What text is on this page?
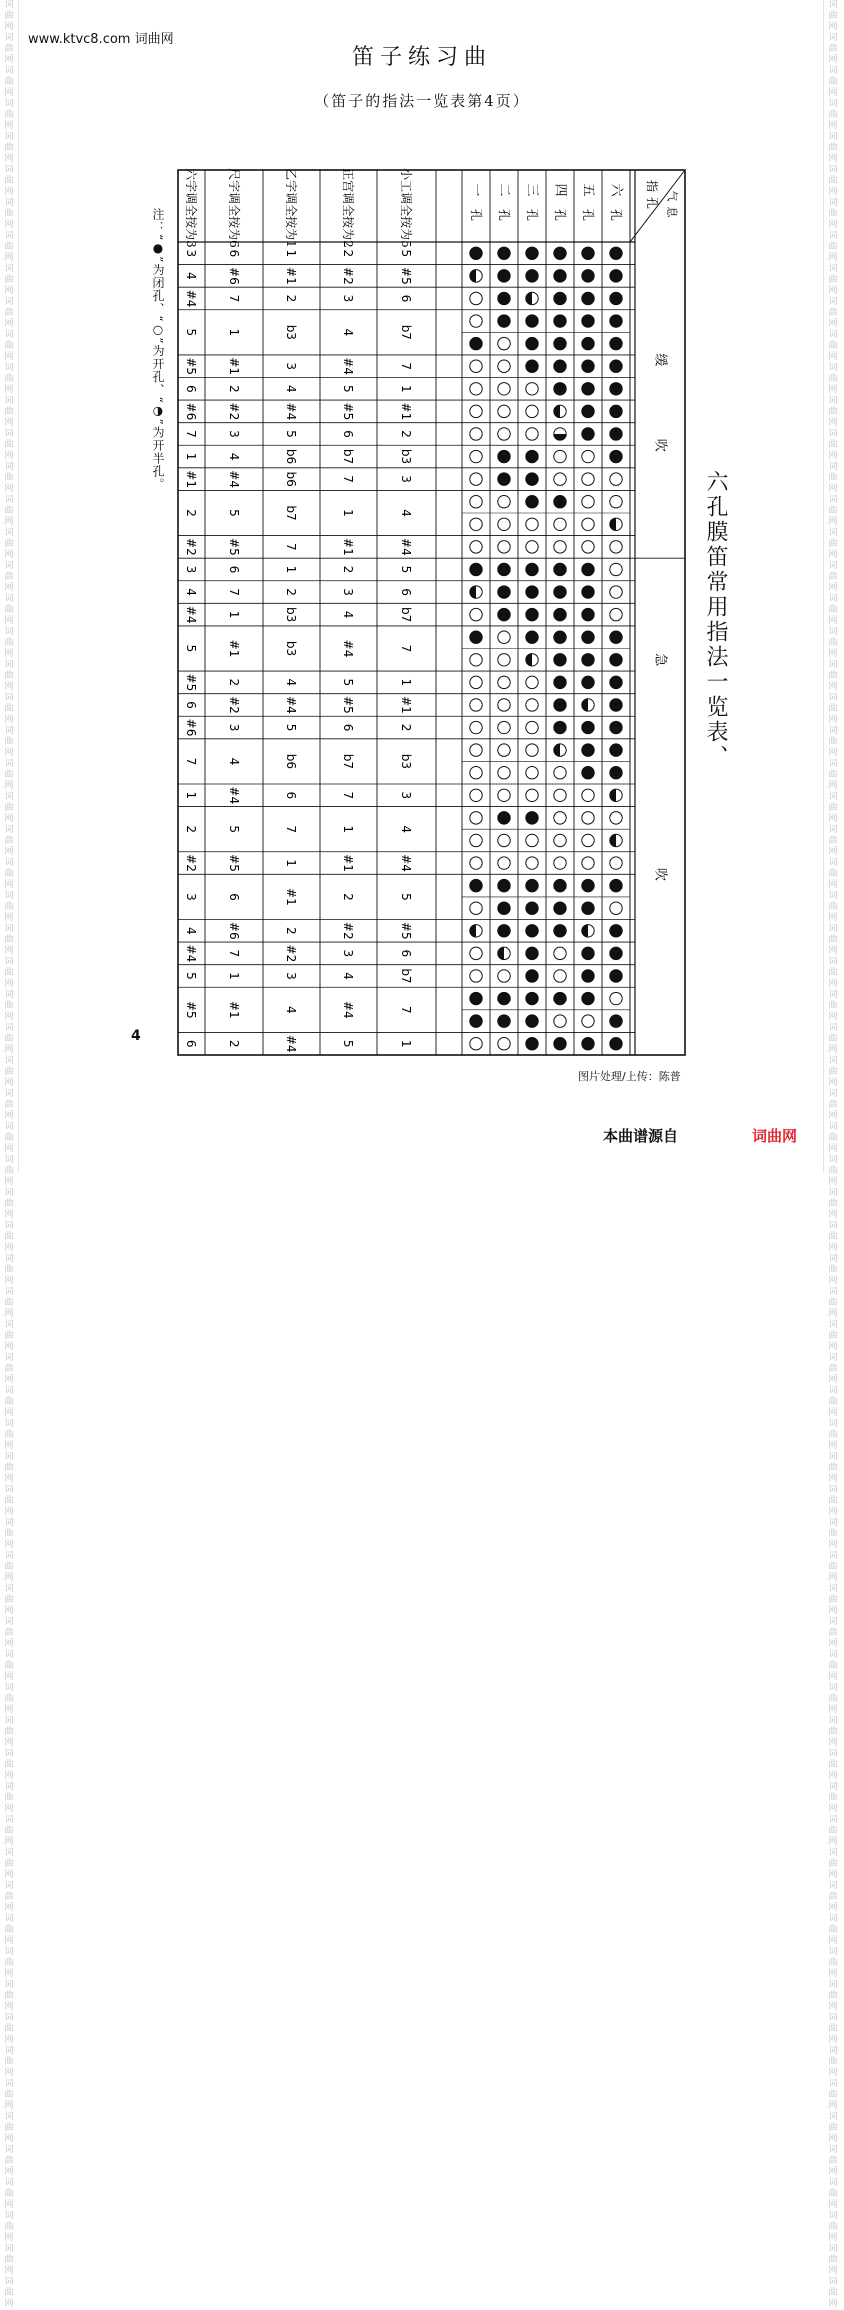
词曲网词曲网词曲网词曲网词曲网词曲网词曲网词曲网词曲网词曲网词曲网词曲网词曲网词曲网词曲网词曲网词曲网词曲网词曲网词曲网词曲网词曲网词曲网词曲网词曲网词曲网词曲网词曲网词曲网词曲网词曲网词曲网词曲网词曲网词曲网词曲网词曲网词曲网词曲网词曲网词曲网词曲网词曲网词曲网词曲网词曲网词曲网词曲网词曲网词曲网词曲网词曲网词曲网词曲网词曲网词曲网词曲网词曲网词曲网词曲网词曲网词曲网词曲网词曲网词曲网词曲网词曲网词曲网词曲网词曲网
词曲网词曲网词曲网词曲网词曲网词曲网词曲网词曲网词曲网词曲网词曲网词曲网词曲网词曲网词曲网词曲网词曲网词曲网词曲网词曲网词曲网词曲网词曲网词曲网词曲网词曲网词曲网词曲网词曲网词曲网词曲网词曲网词曲网词曲网词曲网词曲网词曲网词曲网词曲网词曲网词曲网词曲网词曲网词曲网词曲网词曲网词曲网词曲网词曲网词曲网词曲网词曲网词曲网词曲网词曲网词曲网词曲网词曲网词曲网词曲网词曲网词曲网词曲网词曲网词曲网词曲网词曲网词曲网词曲网词曲网
www.ktvc8.com 词曲网
笛子练习曲
（笛子的指法一览表第4页）
气
息
指
孔
六
孔
五
孔
四
孔
三
孔
二
孔
一
孔
小工调全按为5
正宫调全按为2
乙字调全按为1
尺字调全按为6
六字调全按为3
5
2
1
6
3
#5
#2
#1
#6
4
6
3
2
7
#4
b7
4
b3
1
5
7
#4
3
#1
#5
1
5
4
2
6
#1
#5
#4
#2
#6
2
6
5
3
7
b3
b7
b6
4
1
3
7
b6
#4
#1
4
1
b7
5
2
#4
#1
7
#5
#2
5
2
1
6
3
6
3
2
7
4
b7
4
b3
1
#4
7
#4
b3
#1
5
1
5
4
2
#5
#1
#5
#4
#2
6
2
6
5
3
#6
b3
b7
b6
4
7
3
7
6
#4
1
4
1
7
5
2
#4
#1
1
#5
#2
5
2
#1
6
3
#5
#2
2
#6
4
6
3
#2
7
#4
b7
4
3
1
5
7
#4
4
#1
#5
1
5
#4
2
6
缓
吹
急
吹
六孔膜笛常用指法一览表、
注：“●”为闭孔、“○”为开孔、“◑”为开半孔。
4
图片处理/上传：陈普
本曲谱源自	词曲网
